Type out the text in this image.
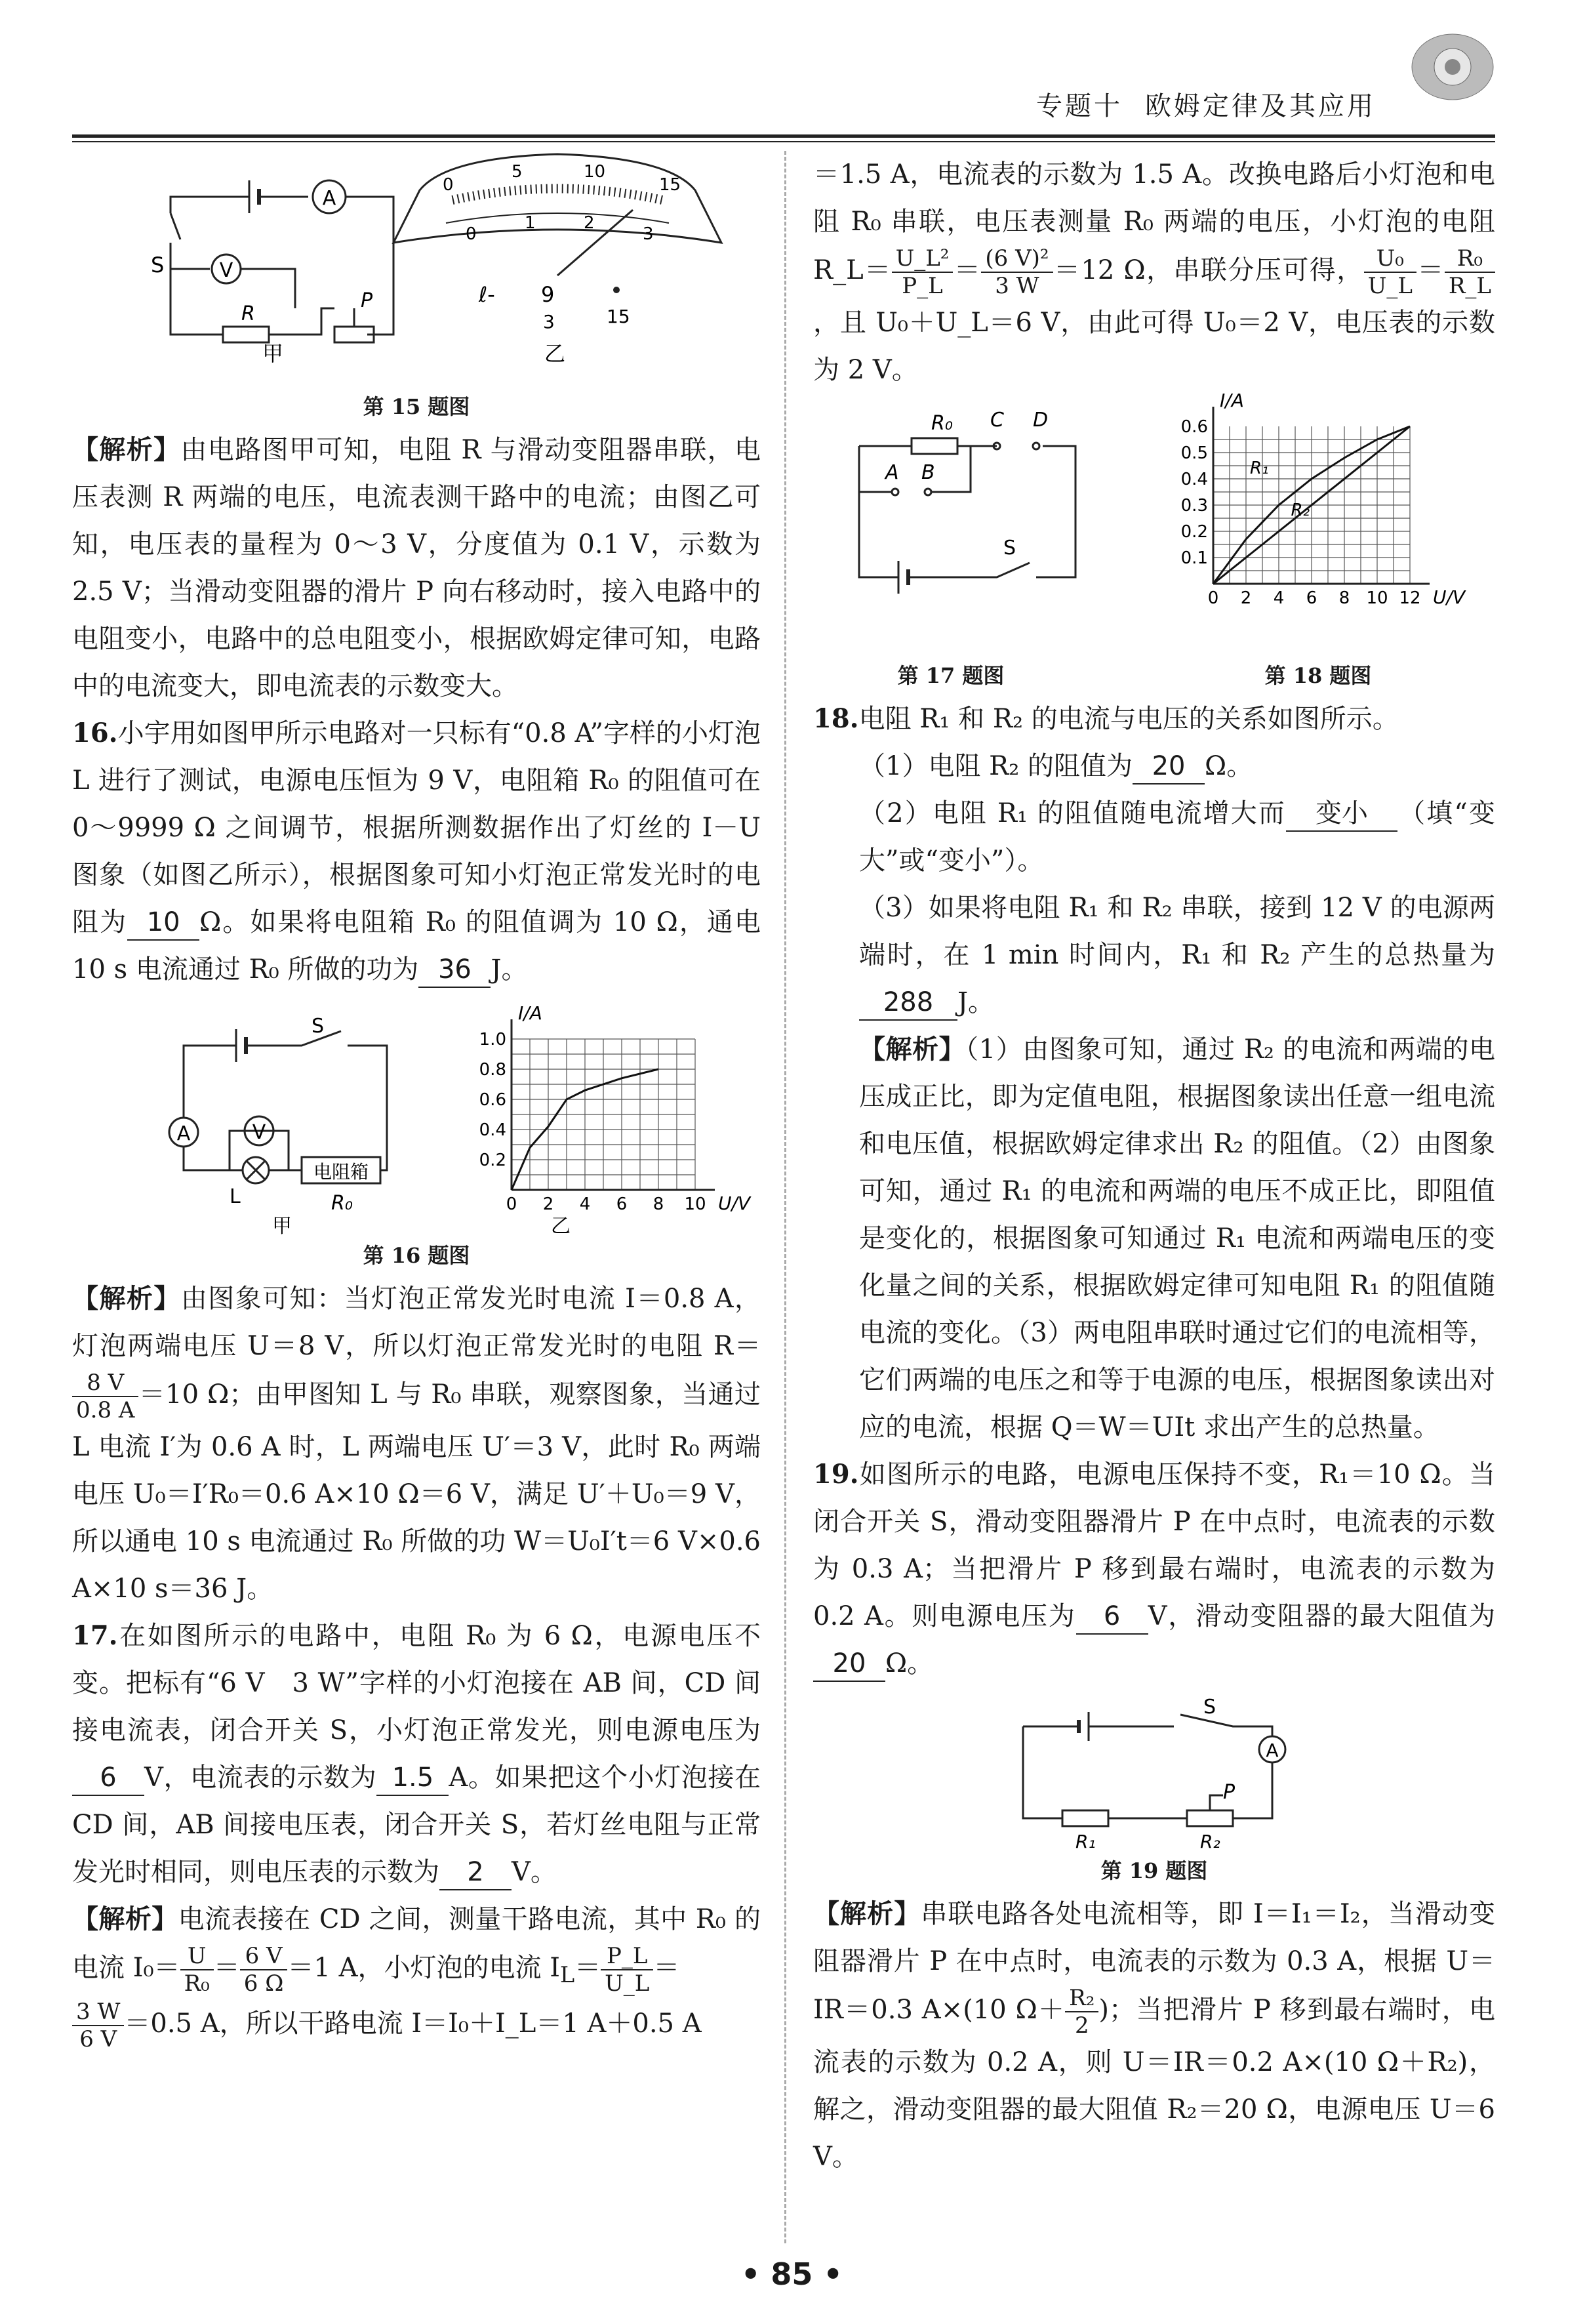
专题十 欧姆定律及其应用
A
V
S
R
P
甲
0
5	10
15
0
1	2
3
ℓ- 9
3	15
乙
第 15 题图

【解析】由电路图甲可知，电阻 R 与滑动变阻器串联，电压表测 R 两端的电压，电流表测干路中的电流；由图乙可知，电压表的量程为 0～3 V，分度值为 0.1 V，示数为 2.5 V；当滑动变阻器的滑片 P 向右移动时，接入电路中的电阻变小，电路中的总电阻变小，根据欧姆定律可知，电路中的电流变大，即电流表的示数变大。

16.小宇用如图甲所示电路对一只标有“0.8 A”字样的小灯泡 L 进行了测试，电源电压恒为 9 V，电阻箱 R₀ 的阻值可在 0～9999 Ω 之间调节，根据所测数据作出了灯丝的 I－U 图象（如图乙所示），根据图象可知小灯泡正常发光时的电阻为 10 Ω。如果将电阻箱 R₀ 的阻值调为 10 Ω，通电 10 s 电流通过 R₀ 所做的功为 36 J。

A	V
S
L
电阻箱
R₀
甲
0 2 4 6 8 10
0.2
0.4
0.6
0.8
1.0
U/V
I/A
乙
第 16 题图

【解析】由图象可知：当灯泡正常发光时电流 I＝0.8 A，灯泡两端电压 U＝8 V，所以灯泡正常发光时的电阻 R＝
$\frac{8 V}{0.8 A} =10$ Ω；由甲图知 L 与 R₀ 串联，观察图象，当通过 L 电流 I′为 0.6 A 时，L 两端电压 U′＝3 V，此时 R₀ 两端电压 U₀＝I′R₀＝0.6 A×10 Ω＝6 V，满足 U′＋U₀＝9 V，所以通电 10 s 电流通过 R₀ 所做的功 W＝U₀I′t＝6 V×0.6 A×10 s＝36 J。

17.在如图所示的电路中，电阻 R₀ 为 6 Ω，电源电压不变。把标有“6 V　3 W”字样的小灯泡接在 AB 间，CD 间接电流表，闭合开关 S，小灯泡正常发光，则电源电压为6 V，电流表的示数为 1.5 A。如果把这个小灯泡接在 CD 间，AB 间接电压表，闭合开关 S，若灯丝电阻与正常发光时相同，则电压表的示数为 2 V。

【解析】电流表接在 CD 之间，测量干路电流，其中 R₀ 的电流 $I_0= \frac{U}{\text{R₀}} = \frac{6 V}{6 \Omega} =1$ A，小灯泡的电流 $I_L= \frac{P\_L}{U\_L}$ ＝

$\frac{3 W}{6 V} =0.5$ A，所以干路电流 I＝I₀＋I_L＝1 A＋0.5 A

＝1.5 A，电流表的示数为 1.5 A。改换电路后小灯泡和电阻 R₀ 串联，电压表测量 R₀ 两端的电压，小灯泡的电阻 R_L＝ $\frac{\text{U\_L²}}{P\_L} = \frac{\text{(6 V)²}}{3 W} =12$ Ω，串联分压可得， $\frac{\text{U₀}}{U\_L} = \frac{\text{R₀}}{R\_L}$
，且 U₀＋U_L＝6 V，由此可得 U₀＝2 V，电压表的示数为 2 V。

R₀ C D
A B
S
0 2 4 6 8 10 12
0.1
0.2
0.3
0.4
0.5
0.6
U/V
I/A
R₁
R₂
第 17 题图	第 18 题图

18.电阻 R₁ 和 R₂ 的电流与电压的关系如图所示。

（1）电阻 R₂ 的阻值为 20 Ω。

（2）电阻 R₁ 的阻值随电流增大而 变小 （填“变大”或“变小”）。

（3）如果将电阻 R₁ 和 R₂ 串联，接到 12 V 的电源两端时，在 1 min 时间内，R₁ 和 R₂ 产生的总热量为288 J。

【解析】（1）由图象可知，通过 R₂ 的电流和两端的电压成正比，即为定值电阻，根据图象读出任意一组电流和电压值，根据欧姆定律求出 R₂ 的阻值。（2）由图象可知，通过 R₁ 的电流和两端的电压不成正比，即阻值是变化的，根据图象可知通过 R₁ 电流和两端电压的变化量之间的关系，根据欧姆定律可知电阻 R₁ 的阻值随电流的变化。（3）两电阻串联时通过它们的电流相等，它们两端的电压之和等于电源的电压，根据图象读出对应的电流，根据 Q＝W＝UIt 求出产生的总热量。

19.如图所示的电路，电源电压保持不变，R₁＝10 Ω。当闭合开关 S，滑动变阻器滑片 P 在中点时，电流表的示数为 0.3 A；当把滑片 P 移到最右端时，电流表的示数为 0.2 A。则电源电压为 6 V，滑动变阻器的最大阻值为20 Ω。

A
S
P
R₁	R₂
第 19 题图

【解析】串联电路各处电流相等，即 I＝I₁＝I₂，当滑动变阻器滑片 P 在中点时，电流表的示数为 0.3 A，根据 U＝IR＝0.3 A×(10 $\Omega+ \frac{\text{R₂}}{2}$ )；当把滑片 P 移到最右端时，电流表的示数为 0.2 A，则 U＝IR＝0.2 A×(10 Ω＋R₂)，解之，滑动变阻器的最大阻值 R₂＝20 Ω，电源电压 U＝6 V。

• 85 •
